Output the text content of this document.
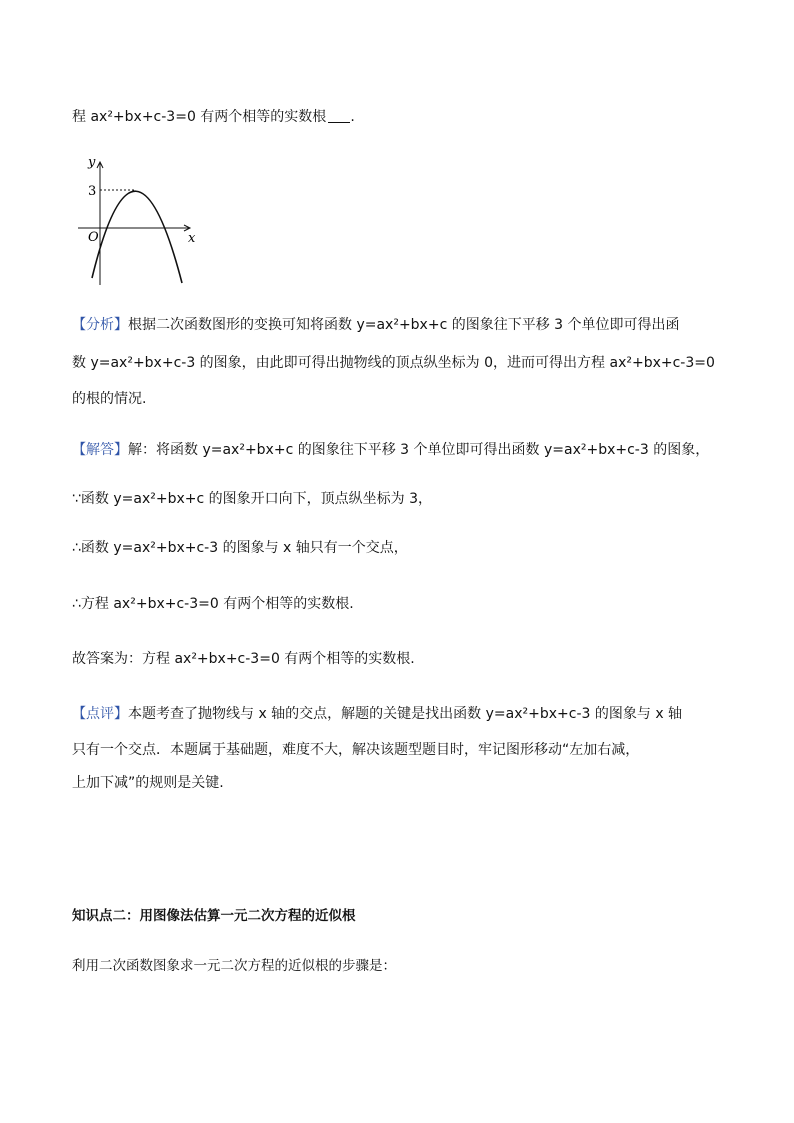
程 ax²+bx+c-3=0 有两个相等的实数根 .
y
3
O	x
【分析】根据二次函数图形的变换可知将函数 y=ax²+bx+c 的图象往下平移 3 个单位即可得出函
数 y=ax²+bx+c-3 的图象，由此即可得出抛物线的顶点纵坐标为 0，进而可得出方程 ax²+bx+c-3=0
的根的情况.
【解答】解：将函数 y=ax²+bx+c 的图象往下平移 3 个单位即可得出函数 y=ax²+bx+c-3 的图象，
∵函数 y=ax²+bx+c 的图象开口向下，顶点纵坐标为 3，
∴函数 y=ax²+bx+c-3 的图象与 x 轴只有一个交点，
∴方程 ax²+bx+c-3=0 有两个相等的实数根.
故答案为：方程 ax²+bx+c-3=0 有两个相等的实数根.
【点评】本题考查了抛物线与 x 轴的交点，解题的关键是找出函数 y=ax²+bx+c-3 的图象与 x 轴
只有一个交点．本题属于基础题，难度不大，解决该题型题目时，牢记图形移动“左加右减，
上加下减”的规则是关键.
知识点二：用图像法估算一元二次方程的近似根
利用二次函数图象求一元二次方程的近似根的步骤是：
